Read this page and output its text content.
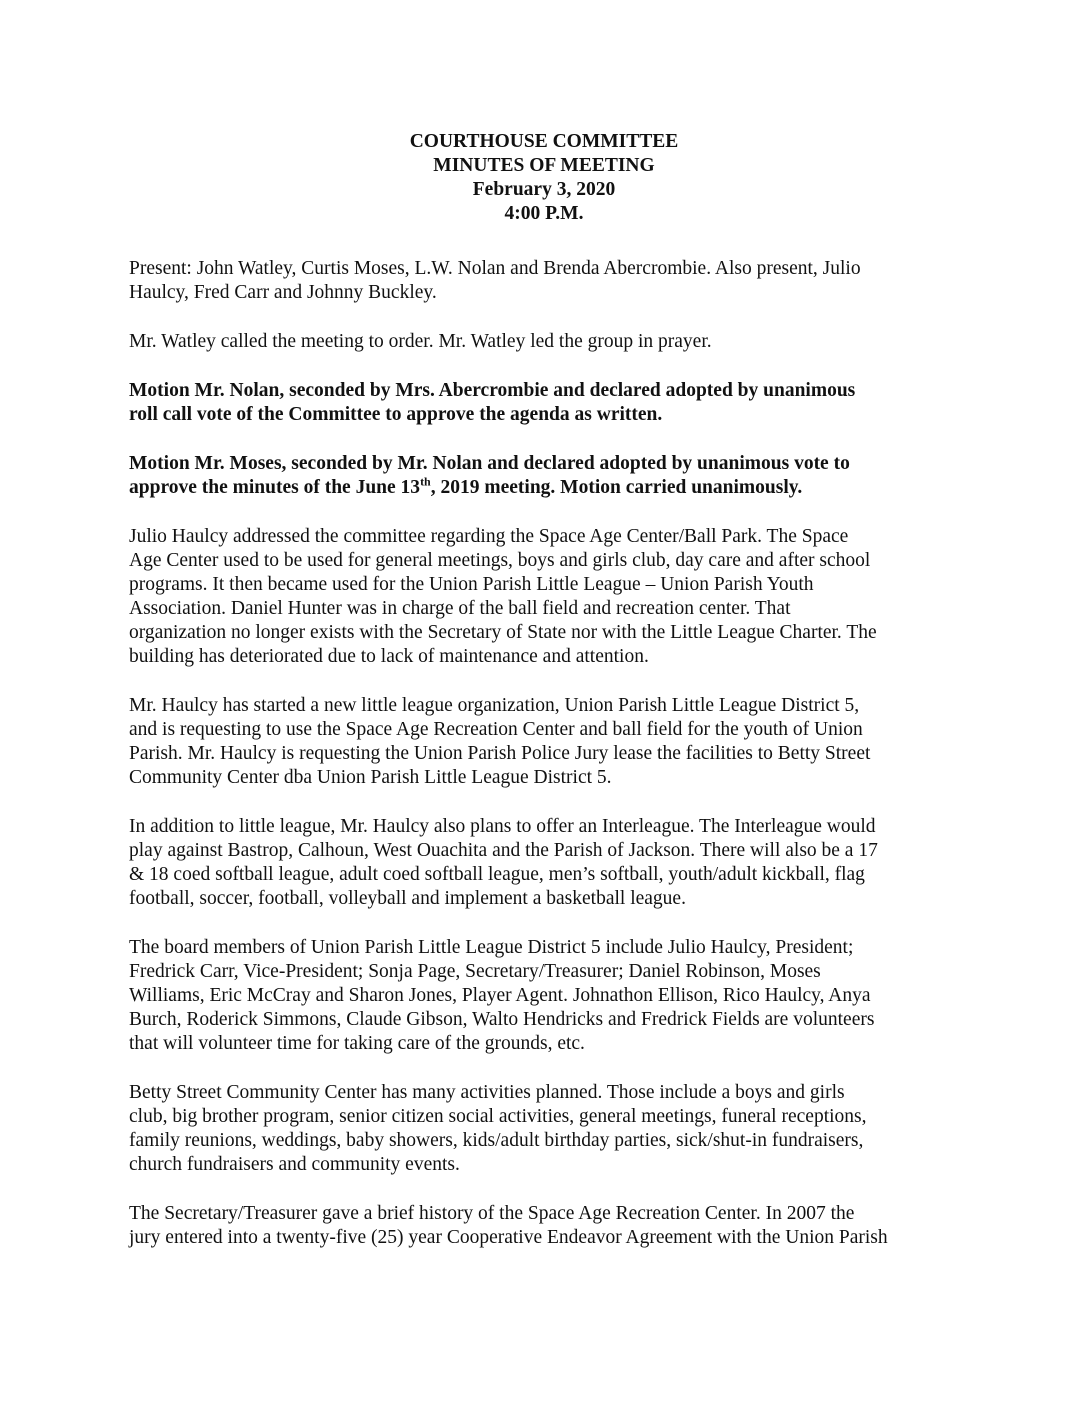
COURTHOUSE COMMITTEE
MINUTES OF MEETING
February 3, 2020
4:00 P.M.
Present: John Watley, Curtis Moses, L.W. Nolan and Brenda Abercrombie. Also present, Julio
Haulcy, Fred Carr and Johnny Buckley.
Mr. Watley called the meeting to order. Mr. Watley led the group in prayer.
Motion Mr. Nolan, seconded by Mrs. Abercrombie and declared adopted by unanimous
roll call vote of the Committee to approve the agenda as written.
Motion Mr. Moses, seconded by Mr. Nolan and declared adopted by unanimous vote to
approve the minutes of the June 13th, 2019 meeting. Motion carried unanimously.
Julio Haulcy addressed the committee regarding the Space Age Center/Ball Park. The Space
Age Center used to be used for general meetings, boys and girls club, day care and after school
programs. It then became used for the Union Parish Little League – Union Parish Youth
Association. Daniel Hunter was in charge of the ball field and recreation center. That
organization no longer exists with the Secretary of State nor with the Little League Charter. The
building has deteriorated due to lack of maintenance and attention.
Mr. Haulcy has started a new little league organization, Union Parish Little League District 5,
and is requesting to use the Space Age Recreation Center and ball field for the youth of Union
Parish. Mr. Haulcy is requesting the Union Parish Police Jury lease the facilities to Betty Street
Community Center dba Union Parish Little League District 5.
In addition to little league, Mr. Haulcy also plans to offer an Interleague. The Interleague would
play against Bastrop, Calhoun, West Ouachita and the Parish of Jackson. There will also be a 17
& 18 coed softball league, adult coed softball league, men’s softball, youth/adult kickball, flag
football, soccer, football, volleyball and implement a basketball league.
The board members of Union Parish Little League District 5 include Julio Haulcy, President;
Fredrick Carr, Vice-President; Sonja Page, Secretary/Treasurer; Daniel Robinson, Moses
Williams, Eric McCray and Sharon Jones, Player Agent. Johnathon Ellison, Rico Haulcy, Anya
Burch, Roderick Simmons, Claude Gibson, Walto Hendricks and Fredrick Fields are volunteers
that will volunteer time for taking care of the grounds, etc.
Betty Street Community Center has many activities planned. Those include a boys and girls
club, big brother program, senior citizen social activities, general meetings, funeral receptions,
family reunions, weddings, baby showers, kids/adult birthday parties, sick/shut-in fundraisers,
church fundraisers and community events.
The Secretary/Treasurer gave a brief history of the Space Age Recreation Center. In 2007 the
jury entered into a twenty-five (25) year Cooperative Endeavor Agreement with the Union Parish
